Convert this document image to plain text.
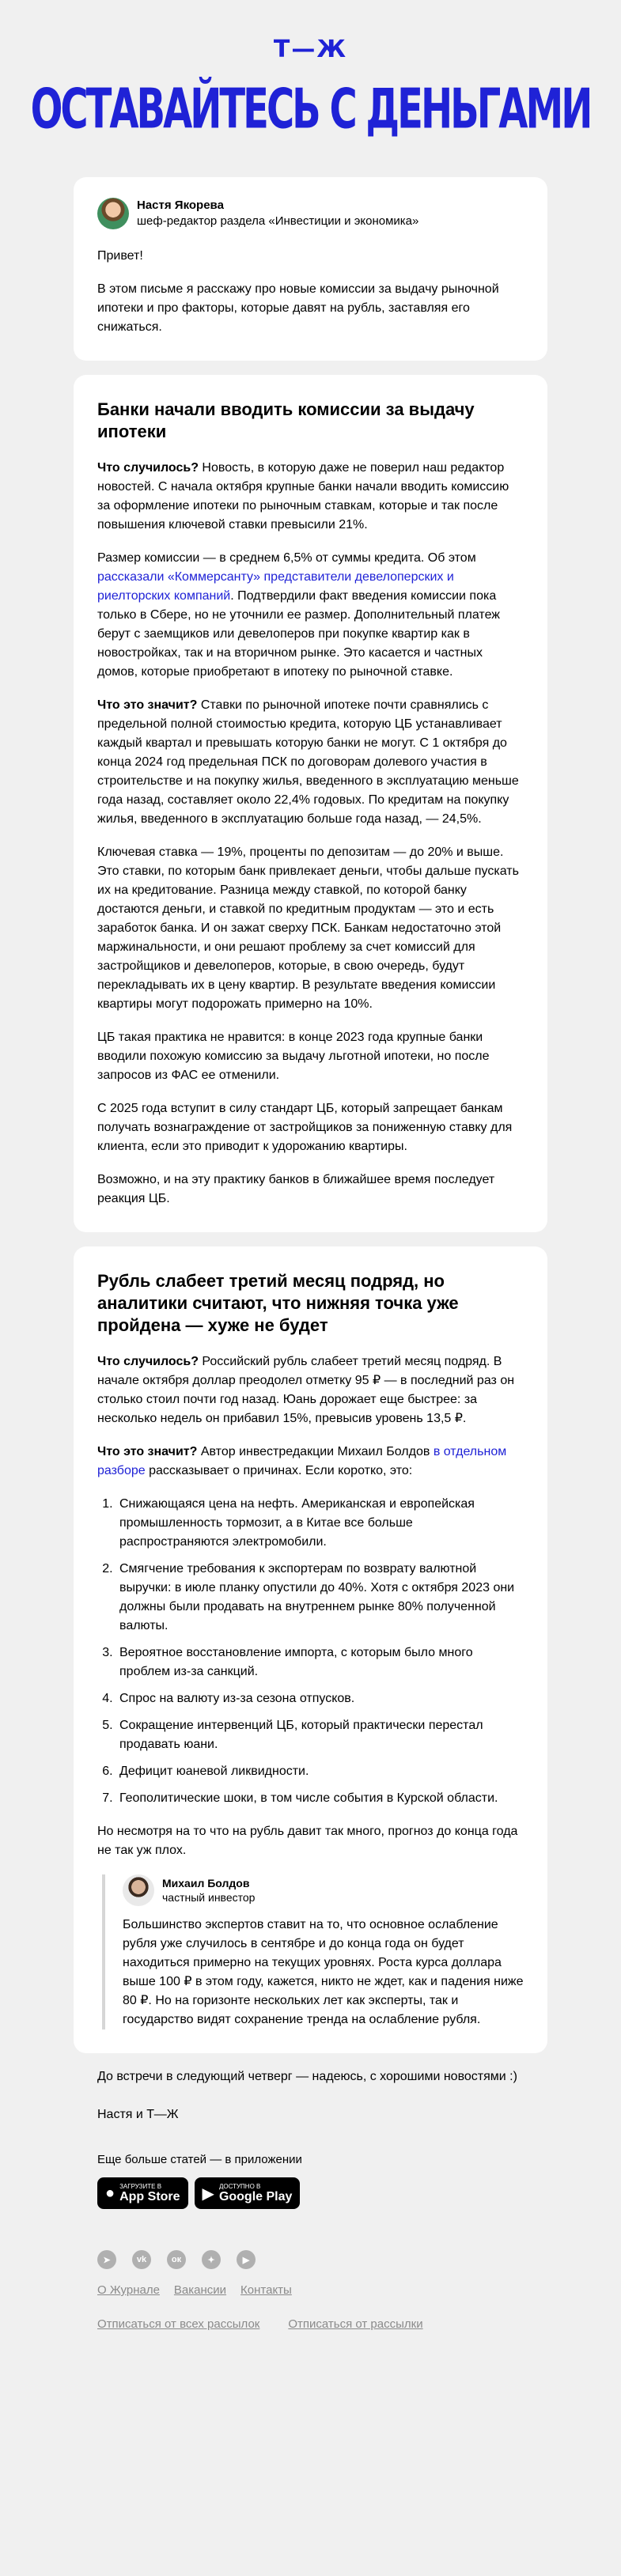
Т—Ж
ОСТАВАЙТЕСЬ С ДЕНЬГАМИ
Настя Якорева
шеф-редактор раздела «Инвестиции и экономика»

Привет!

В этом письме я расскажу про новые комиссии за выдачу рыночной ипотеки и про факторы, которые давят на рубль, заставляя его снижаться.

Банки начали вводить комиссии за выдачу ипотеки

Что случилось? Новость, в которую даже не поверил наш редактор новостей. С начала октября крупные банки начали вводить комиссию за оформление ипотеки по рыночным ставкам, которые и так после повышения ключевой ставки превысили 21%.

Размер комиссии — в среднем 6,5% от суммы кредита. Об этом рассказали «Коммерсанту» представители девелоперских и риелторских компаний. Подтвердили факт введения комиссии пока только в Сбере, но не уточнили ее размер. Дополнительный платеж берут с заемщиков или девелоперов при покупке квартир как в новостройках, так и на вторичном рынке. Это касается и частных домов, которые приобретают в ипотеку по рыночной ставке.

Что это значит? Ставки по рыночной ипотеке почти сравнялись с предельной полной стоимостью кредита, которую ЦБ устанавливает каждый квартал и превышать которую банки не могут. С 1 октября до конца 2024 год предельная ПСК по договорам долевого участия в строительстве и на покупку жилья, введенного в эксплуатацию меньше года назад, составляет около 22,4% годовых. По кредитам на покупку жилья, введенного в эксплуатацию больше года назад, — 24,5%.

Ключевая ставка — 19%, проценты по депозитам — до 20% и выше. Это ставки, по которым банк привлекает деньги, чтобы дальше пускать их на кредитование. Разница между ставкой, по которой банку достаются деньги, и ставкой по кредитным продуктам — это и есть заработок банка. И он зажат сверху ПСК. Банкам недостаточно этой маржинальности, и они решают проблему за счет комиссий для застройщиков и девелоперов, которые, в свою очередь, будут перекладывать их в цену квартир. В результате введения комиссии квартиры могут подорожать примерно на 10%.

ЦБ такая практика не нравится: в конце 2023 года крупные банки вводили похожую комиссию за выдачу льготной ипотеки, но после запросов из ФАС ее отменили.

С 2025 года вступит в силу стандарт ЦБ, который запрещает банкам получать вознаграждение от застройщиков за пониженную ставку для клиента, если это приводит к удорожанию квартиры.

Возможно, и на эту практику банков в ближайшее время последует реакция ЦБ.

Рубль слабеет третий месяц подряд, но аналитики считают, что нижняя точка уже пройдена — хуже не будет

Что случилось? Российский рубль слабеет третий месяц подряд. В начале октября доллар преодолел отметку 95 ₽ — в последний раз он столько стоил почти год назад. Юань дорожает еще быстрее: за несколько недель он прибавил 15%, превысив уровень 13,5 ₽.

Что это значит? Автор инвестредакции Михаил Болдов в отдельном разборе рассказывает о причинах. Если коротко, это:

1. Снижающаяся цена на нефть. Американская и европейская промышленность тормозит, а в Китае все больше распространяются электромобили.
2. Смягчение требования к экспортерам по возврату валютной выручки: в июле планку опустили до 40%. Хотя с октября 2023 они должны были продавать на внутреннем рынке 80% полученной валюты.
3. Вероятное восстановление импорта, с которым было много проблем из-за санкций.
4. Спрос на валюту из-за сезона отпусков.
5. Сокращение интервенций ЦБ, который практически перестал продавать юани.
6. Дефицит юаневой ликвидности.
7. Геополитические шоки, в том числе события в Курской области.

Но несмотря на то что на рубль давит так много, прогноз до конца года не так уж плох.

Михаил Болдов
частный инвестор

Большинство экспертов ставит на то, что основное ослабление рубля уже случилось в сентябре и до конца года он будет находиться примерно на текущих уровнях. Роста курса доллара выше 100 ₽ в этом году, кажется, никто не ждет, как и падения ниже 80 ₽. Но на горизонте нескольких лет как эксперты, так и государство видят сохранение тренда на ослабление рубля.

До встречи в следующий четверг — надеюсь, с хорошими новостями :)

Настя и Т—Ж

Еще больше статей — в приложении
● ЗАГРУЗИТЕ В
App Store ▶ ДОСТУПНО В
Google Play
➤	vk	ок	✦	▶
О Журнале Вакансии Контакты
Отписаться от всех рассылок Отписаться от рассылки
